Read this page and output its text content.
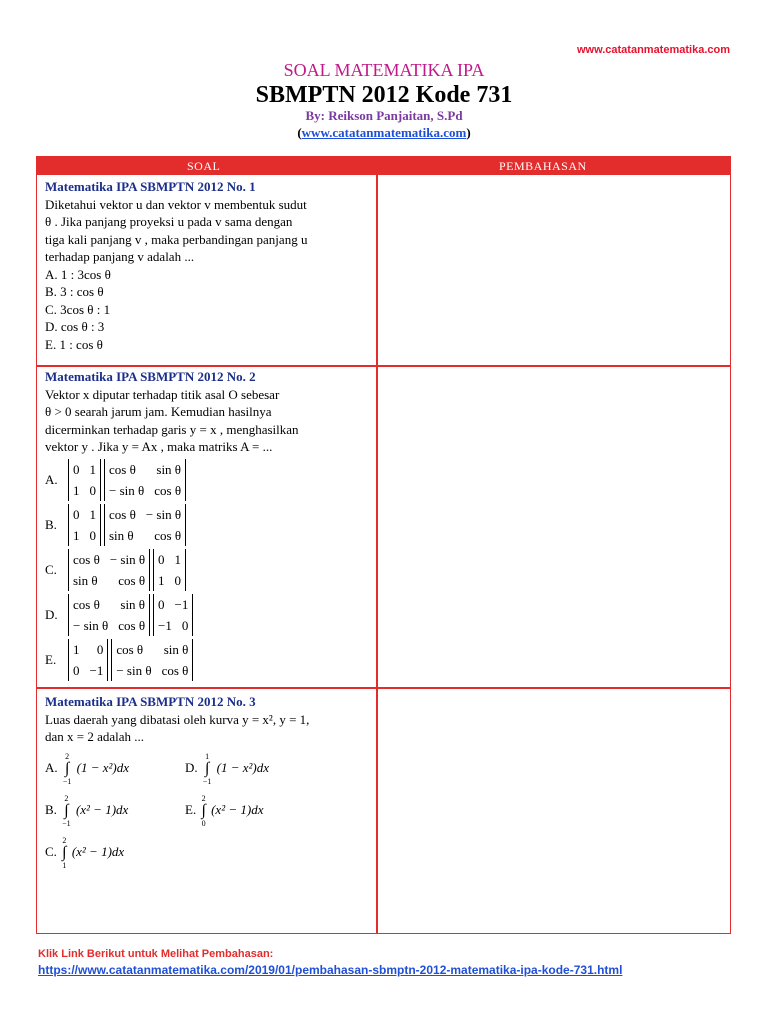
www.catatanmatematika.com
SOAL MATEMATIKA IPA
SBMPTN 2012 Kode 731
By: Reikson Panjaitan, S.Pd
(www.catatanmatematika.com)
SOAL	PEMBAHASAN
Matematika IPA SBMPTN 2012 No. 1
Diketahui vektor u dan vektor v membentuk sudut
θ . Jika panjang proyeksi u pada v sama dengan
tiga kali panjang v , maka perbandingan panjang u
terhadap panjang v adalah ...
A. 1 : 3cos θ
B. 3 : cos θ
C. 3cos θ : 1
D. cos θ : 3
E. 1 : cos θ
Matematika IPA SBMPTN 2012 No. 2
Vektor x diputar terhadap titik asal O sebesar
θ > 0 searah jarum jam. Kemudian hasilnya
dicerminkan terhadap garis y = x , menghasilkan
vektor y . Jika y = Ax , maka matriks A = ...
A.
0 1
1 0
cos θ sin θ
− sin θ cos θ
B.
0 1
1 0
cos θ − sin θ
sin θ cos θ
C.
cos θ − sin θ
sin θ cos θ
0 1
1 0
D.
cos θ sin θ
− sin θ cos θ
0 −1
−1 0
E.
1 0
0 −1
cos θ sin θ
− sin θ cos θ
Matematika IPA SBMPTN 2012 No. 3
Luas daerah yang dibatasi oleh kurva y = x², y = 1,
dan x = 2 adalah ...
A.
2
∫
−1
(1 − x²)dx	D.
1
∫
−1
(1 − x²)dx
B.
2
∫
−1
(x² − 1)dx	E.
2
∫
0
(x² − 1)dx
C.
2
∫
1
(x² − 1)dx
Klik Link Berikut untuk Melihat Pembahasan:
https://www.catatanmatematika.com/2019/01/pembahasan-sbmptn-2012-matematika-ipa-kode-731.html
